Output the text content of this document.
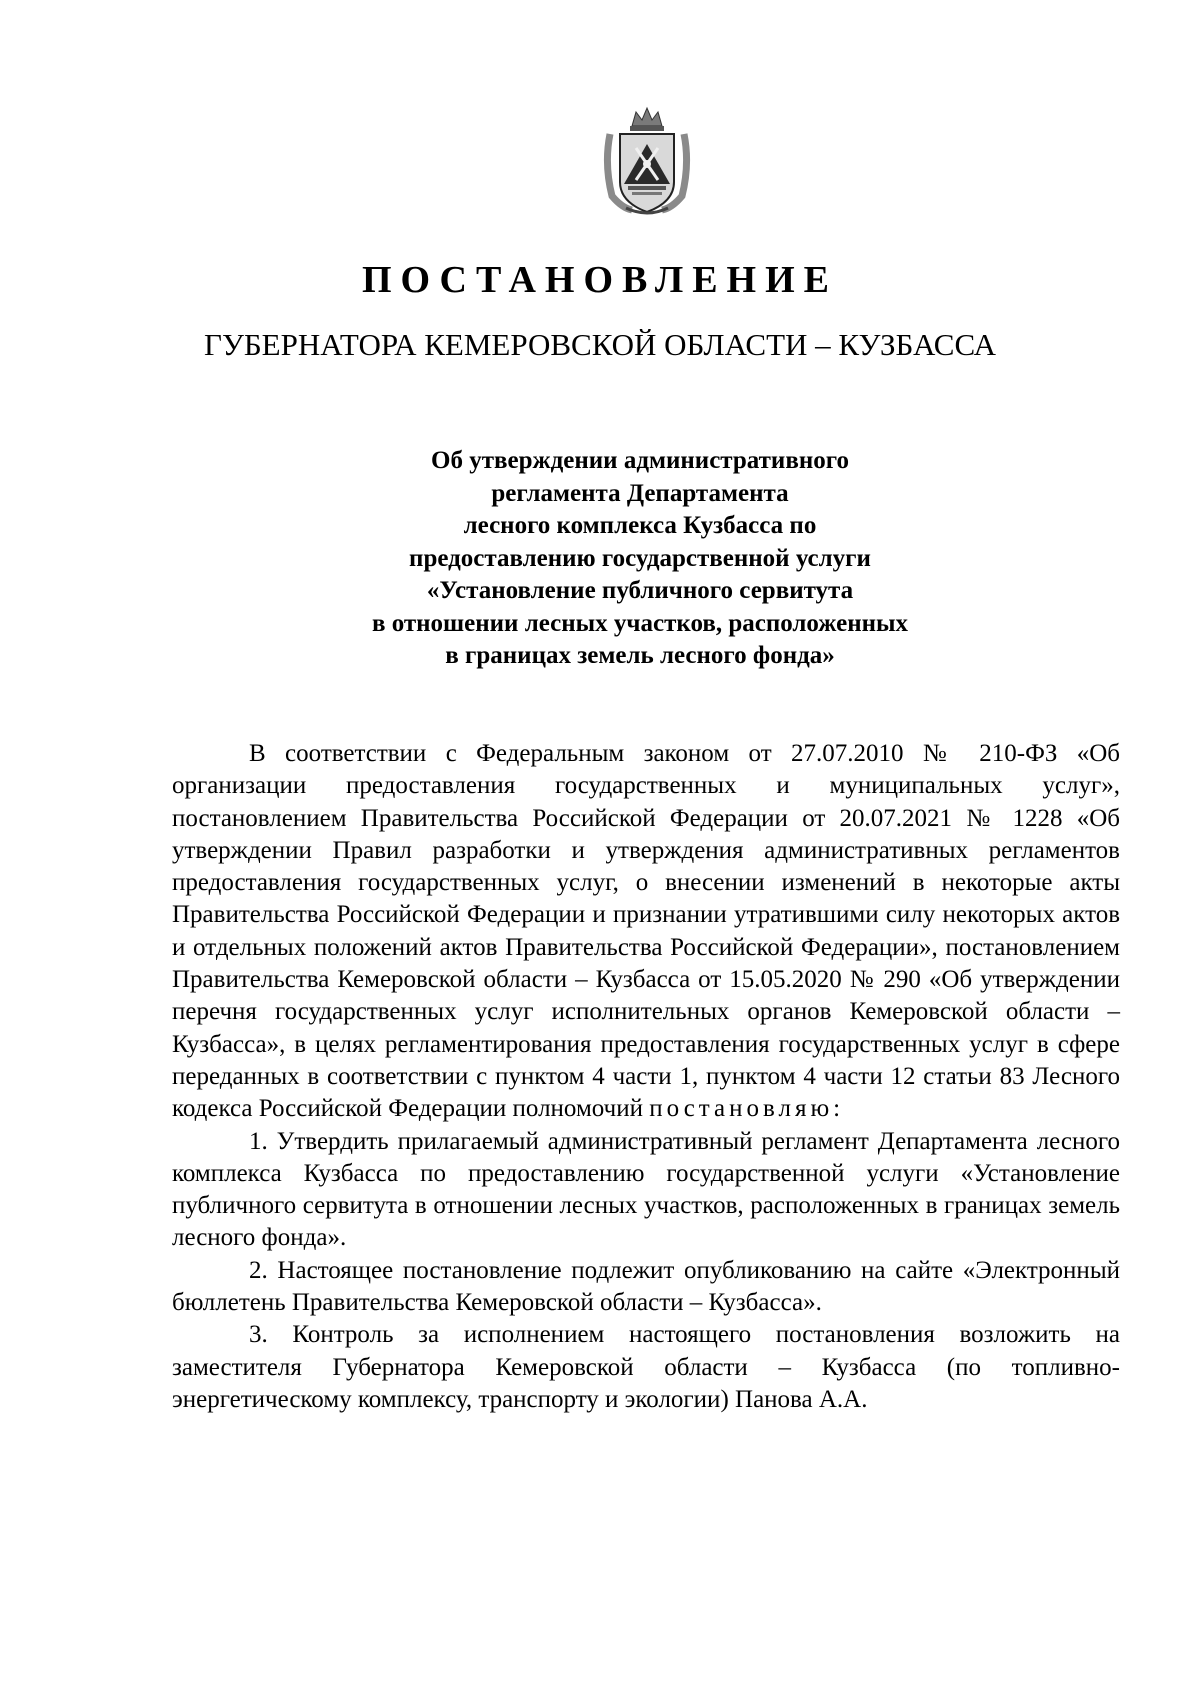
ПОСТАНОВЛЕНИЕ
ГУБЕРНАТОРА КЕМЕРОВСКОЙ ОБЛАСТИ – КУЗБАССА
Об утверждении административного
регламента Департамента
лесного комплекса Кузбасса по
предоставлению государственной услуги
«Установление публичного сервитута
в отношении лесных участков, расположенных
в границах земель лесного фонда»

В соответствии с Федеральным законом от 27.07.2010 № 210-ФЗ «Об организации предоставления государственных и муниципальных услуг», постановлением Правительства Российской Федерации от 20.07.2021 № 1228 «Об утверждении Правил разработки и утверждения административных регламентов предоставления государственных услуг, о внесении изменений в некоторые акты Правительства Российской Федерации и признании утратившими силу некоторых актов и отдельных положений актов Правительства Российской Федерации», постановлением Правительства Кемеровской области – Кузбасса от 15.05.2020 № 290 «Об утверждении перечня государственных услуг исполнительных органов Кемеровской области – Кузбасса», в целях регламентирования предоставления государственных услуг в сфере переданных в соответствии с пунктом 4 части 1, пунктом 4 части 12 статьи 83 Лесного кодекса Российской Федерации полномочий постановляю:

1. Утвердить прилагаемый административный регламент Департамента лесного комплекса Кузбасса по предоставлению государственной услуги «Установление публичного сервитута в отношении лесных участков, расположенных в границах земель лесного фонда».

2. Настоящее постановление подлежит опубликованию на сайте «Электронный бюллетень Правительства Кемеровской области – Кузбасса».

3. Контроль за исполнением настоящего постановления возложить на заместителя Губернатора Кемеровской области – Кузбасса (по топливно-энергетическому комплексу, транспорту и экологии) Панова А.А.
